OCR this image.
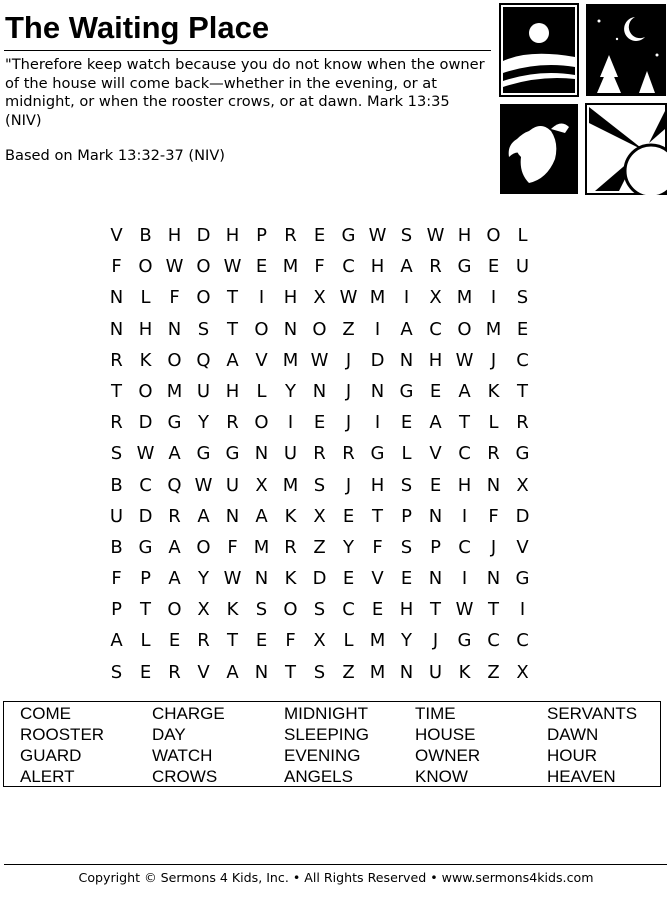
The Waiting Place
"Therefore keep watch because you do not know when the owner of the house will come back—whether in the evening, or at midnight, or when the rooster crows, or at dawn. Mark 13:35 (NIV)
Based on Mark 13:32-37 (NIV)
V B H D H P R E G W S W H O L
F O W O W E M F C H A R G E U
N L	F O T	I	H X W M	I	X M	I	S
N H N S T O N O Z	I	A C O M E
R K O Q A V M W J	D N H W J	C
T O M U H L	Y N	J	N G E A K T
R D G Y R O	I	E	J	I	E A T	L R
S W A G G N U R R G L V C R G
B C Q W U X M S	J	H S E H N X
U D R A N A K X E T	P N	I	F D
B G A O F M R Z Y	F	S P C	J	V
F	P A Y W N K D E V E N	I	N G
P	T O X K S O S C E H T W T	I
A L	E R T E	F X L M Y	J	G C C
S E R V A N T S Z M N U K Z X
COME	CHARGE	MIDNIGHT	TIME	SERVANTS
ROOSTER	DAY	SLEEPING	HOUSE	DAWN
GUARD	WATCH	EVENING	OWNER	HOUR
ALERT	CROWS	ANGELS	KNOW	HEAVEN
Copyright © Sermons 4 Kids, Inc. • All Rights Reserved • www.sermons4kids.com
